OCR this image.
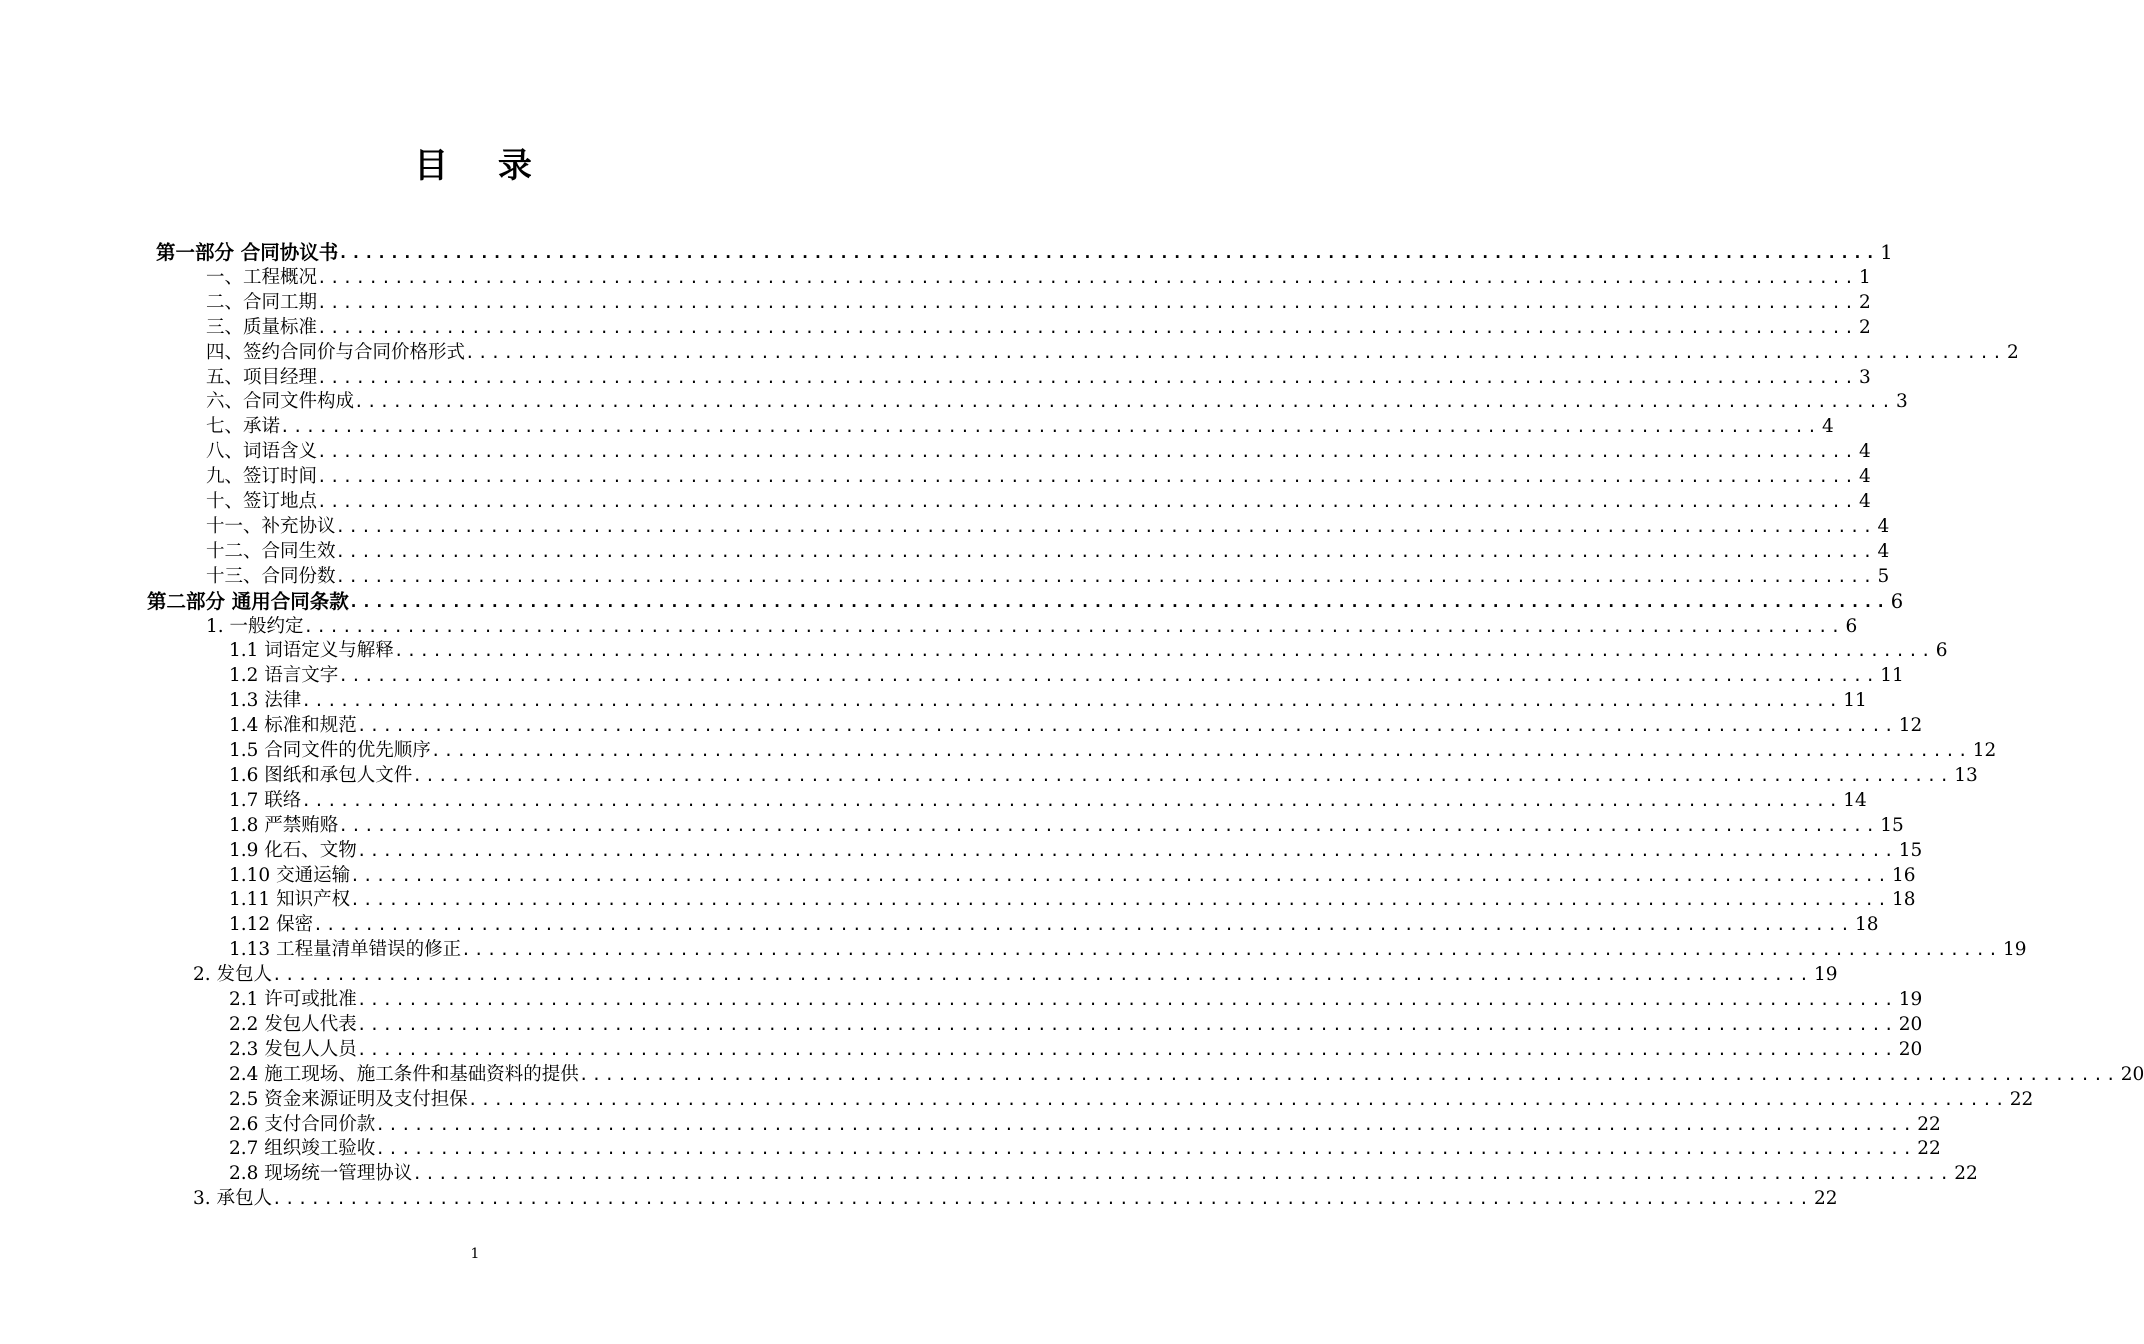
目 录
第一部分 合同协议书 ........................................................................................................................ 1
一、工程概况 ........................................................................................................................ 1
二、合同工期 ........................................................................................................................ 2
三、质量标准 ........................................................................................................................ 2
四、签约合同价与合同价格形式 ........................................................................................................................ 2
五、项目经理 ........................................................................................................................ 3
六、合同文件构成 ........................................................................................................................ 3
七、承诺 ........................................................................................................................ 4
八、词语含义 ........................................................................................................................ 4
九、签订时间 ........................................................................................................................ 4
十、签订地点 ........................................................................................................................ 4
十一、补充协议 ........................................................................................................................ 4
十二、合同生效 ........................................................................................................................ 4
十三、合同份数 ........................................................................................................................ 5
第二部分 通用合同条款 ........................................................................................................................ 6
1. 一般约定 ........................................................................................................................ 6
1.1 词语定义与解释 ........................................................................................................................ 6
1.2 语言文字 ........................................................................................................................ 11
1.3 法律 ........................................................................................................................ 11
1.4 标准和规范 ........................................................................................................................ 12
1.5 合同文件的优先顺序 ........................................................................................................................ 12
1.6 图纸和承包人文件 ........................................................................................................................ 13
1.7 联络 ........................................................................................................................ 14
1.8 严禁贿赂 ........................................................................................................................ 15
1.9 化石、文物 ........................................................................................................................ 15
1.10 交通运输 ........................................................................................................................ 16
1.11 知识产权 ........................................................................................................................ 18
1.12 保密 ........................................................................................................................ 18
1.13 工程量清单错误的修正 ........................................................................................................................ 19
2. 发包人 ........................................................................................................................ 19
2.1 许可或批准 ........................................................................................................................ 19
2.2 发包人代表 ........................................................................................................................ 20
2.3 发包人人员 ........................................................................................................................ 20
2.4 施工现场、施工条件和基础资料的提供 ........................................................................................................................ 20
2.5 资金来源证明及支付担保 ........................................................................................................................ 22
2.6 支付合同价款 ........................................................................................................................ 22
2.7 组织竣工验收 ........................................................................................................................ 22
2.8 现场统一管理协议 ........................................................................................................................ 22
3. 承包人 ........................................................................................................................ 22
1
